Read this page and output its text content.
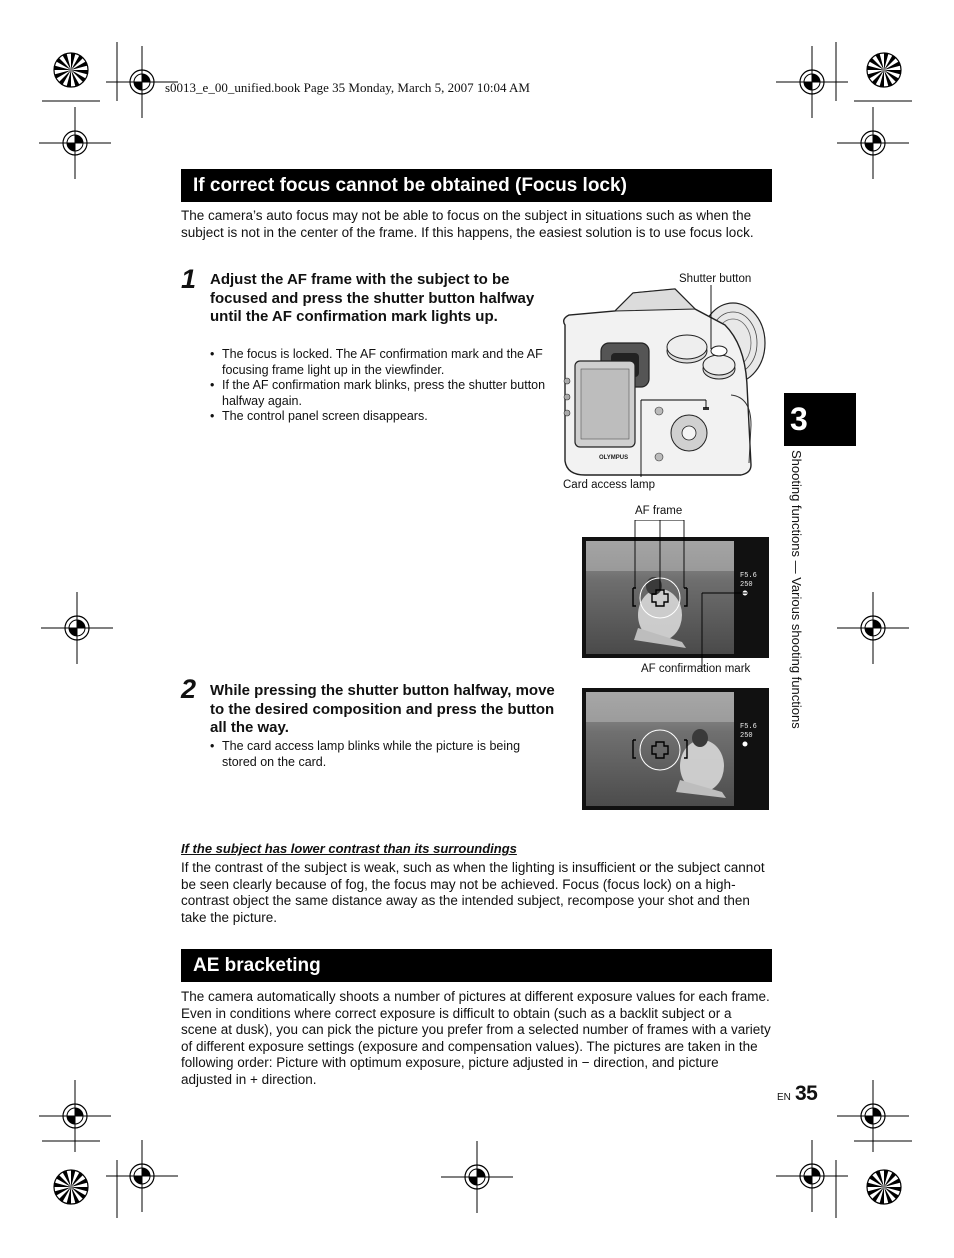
s0013_e_00_unified.book Page 35 Monday, March 5, 2007 10:04 AM
If correct focus cannot be obtained (Focus lock)
The camera’s auto focus may not be able to focus on the subject in situations such as when the subject is not in the center of the frame. If this happens, the easiest solution is to use focus lock.
1 Adjust the AF frame with the subject to be focused and press the shutter button halfway until the AF confirmation mark lights up.
• The focus is locked. The AF confirmation mark and the AF focusing frame light up in the viewfinder.
• If the AF confirmation mark blinks, press the shutter button halfway again.
• The control panel screen disappears.
Shutter button
OLYMPUS
Card access lamp
AF frame
F5.6
250
AF confirmation mark
2 While pressing the shutter button halfway, move to the desired composition and press the button all the way.
• The card access lamp blinks while the picture is being stored on the card.
F5.6
250
If the subject has lower contrast than its surroundings
If the contrast of the subject is weak, such as when the lighting is insufficient or the subject cannot be seen clearly because of fog, the focus may not be achieved. Focus (focus lock) on a high-contrast object the same distance away as the intended subject, recompose your shot and then take the picture.
AE bracketing
The camera automatically shoots a number of pictures at different exposure values for each frame. Even in conditions where correct exposure is difficult to obtain (such as a backlit subject or a scene at dusk), you can pick the picture you prefer from a selected number of frames with a variety of different exposure settings (exposure and compensation values). The pictures are taken in the following order: Picture with optimum exposure, picture adjusted in − direction, and picture adjusted in + direction.
3
Shooting functions — Various shooting functions
EN 35
